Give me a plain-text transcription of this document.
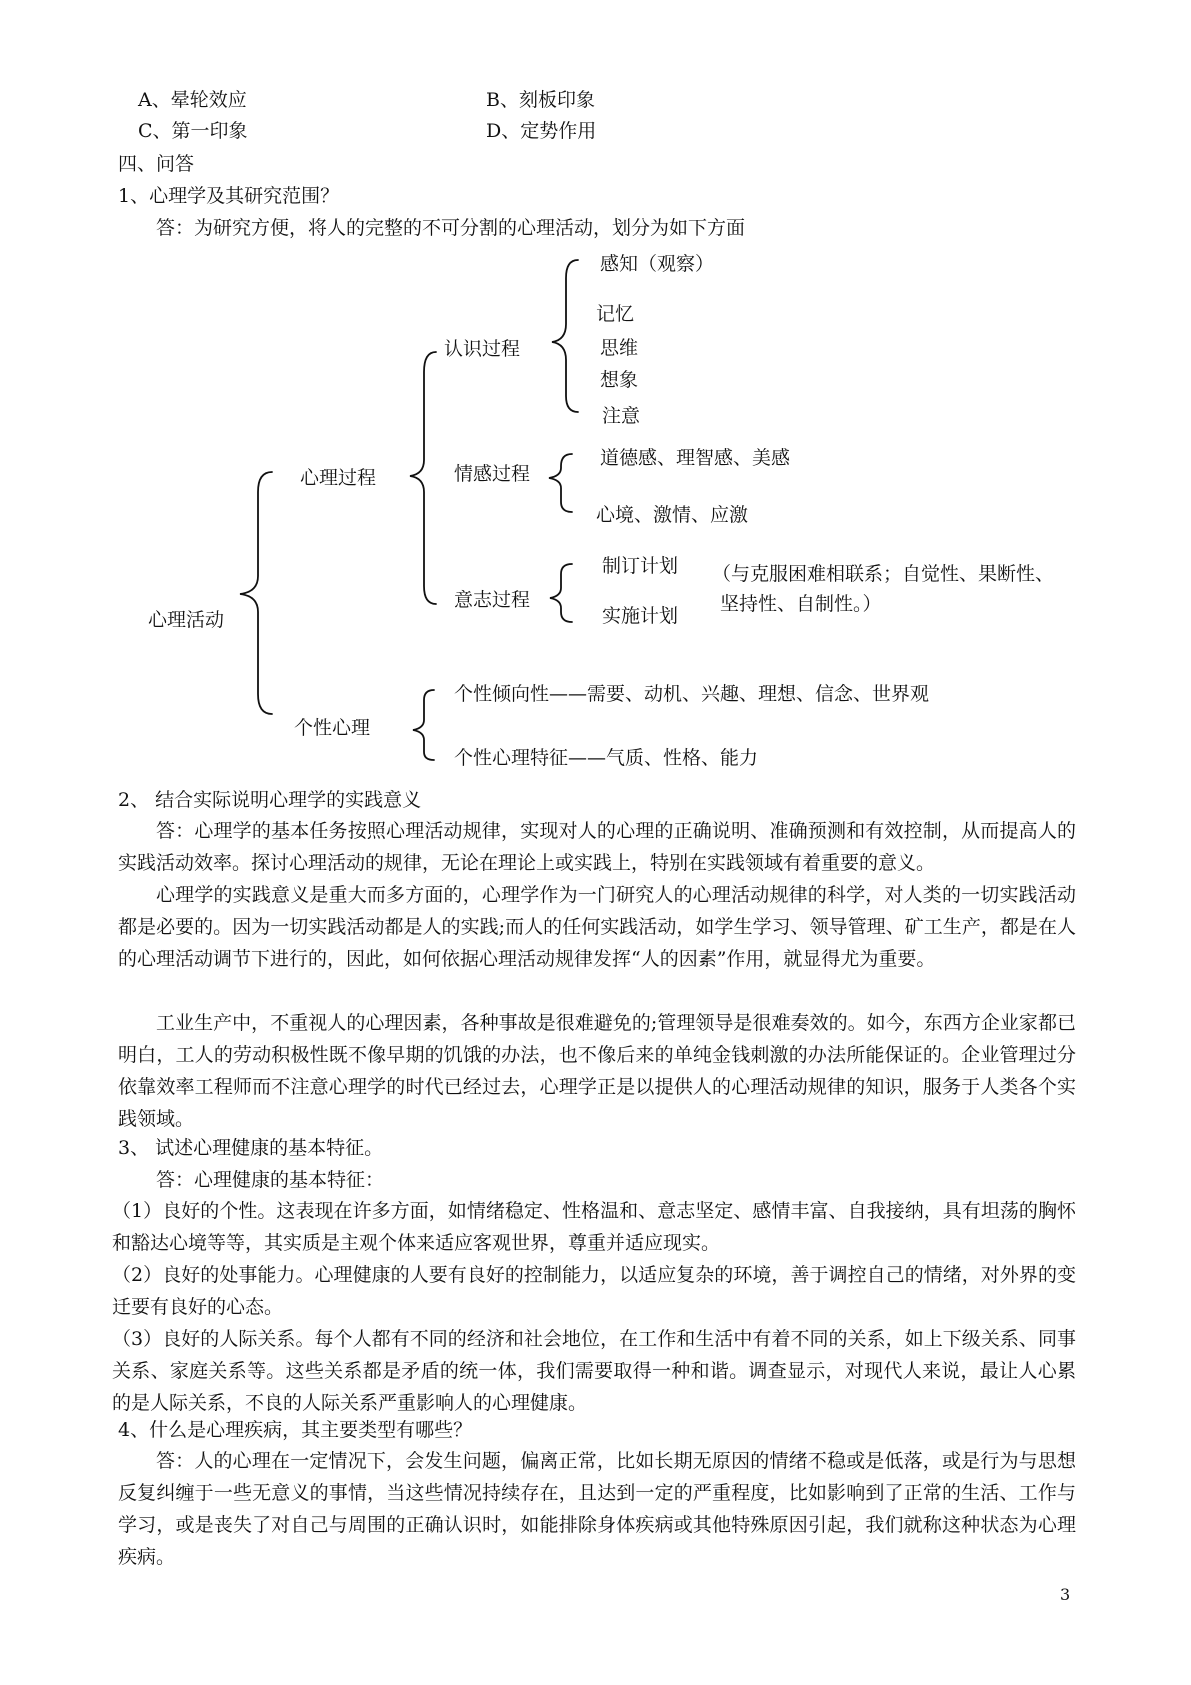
A、晕轮效应	B、刻板印象
C、第一印象	D、定势作用
四、问答
1、心理学及其研究范围？
答：为研究方便，将人的完整的不可分割的心理活动，划分为如下方面
心理活动
心理过程
认识过程
感知（观察）
记忆
思维
想象
注意
情感过程
道德感、理智感、美感
心境、激情、应激
意志过程
制订计划
实施计划
（与克服困难相联系；自觉性、果断性、
坚持性、自制性。）
个性心理
个性倾向性——需要、动机、兴趣、理想、信念、世界观
个性心理特征——气质、性格、能力
2、 结合实际说明心理学的实践意义
答：心理学的基本任务按照心理活动规律，实现对人的心理的正确说明、准确预测和有效控制，从而提高人的实践活动效率。探讨心理活动的规律，无论在理论上或实践上，特别在实践领域有着重要的意义。
心理学的实践意义是重大而多方面的，心理学作为一门研究人的心理活动规律的科学，对人类的一切实践活动都是必要的。因为一切实践活动都是人的实践;而人的任何实践活动，如学生学习、领导管理、矿工生产，都是在人的心理活动调节下进行的，因此，如何依据心理活动规律发挥“人的因素”作用，就显得尤为重要。
工业生产中，不重视人的心理因素，各种事故是很难避免的;管理领导是很难奏效的。如今，东西方企业家都已明白，工人的劳动积极性既不像早期的饥饿的办法，也不像后来的单纯金钱刺激的办法所能保证的。企业管理过分依靠效率工程师而不注意心理学的时代已经过去，心理学正是以提供人的心理活动规律的知识，服务于人类各个实践领域。
3、 试述心理健康的基本特征。
答：心理健康的基本特征：
（1）良好的个性。这表现在许多方面，如情绪稳定、性格温和、意志坚定、感情丰富、自我接纳，具有坦荡的胸怀和豁达心境等等，其实质是主观个体来适应客观世界，尊重并适应现实。
（2）良好的处事能力。心理健康的人要有良好的控制能力，以适应复杂的环境，善于调控自己的情绪，对外界的变迁要有良好的心态。
（3）良好的人际关系。每个人都有不同的经济和社会地位，在工作和生活中有着不同的关系，如上下级关系、同事关系、家庭关系等。这些关系都是矛盾的统一体，我们需要取得一种和谐。调查显示，对现代人来说，最让人心累的是人际关系，不良的人际关系严重影响人的心理健康。
4、什么是心理疾病，其主要类型有哪些？
答：人的心理在一定情况下，会发生问题，偏离正常，比如长期无原因的情绪不稳或是低落，或是行为与思想反复纠缠于一些无意义的事情，当这些情况持续存在，且达到一定的严重程度，比如影响到了正常的生活、工作与学习，或是丧失了对自己与周围的正确认识时，如能排除身体疾病或其他特殊原因引起，我们就称这种状态为心理疾病。
3
